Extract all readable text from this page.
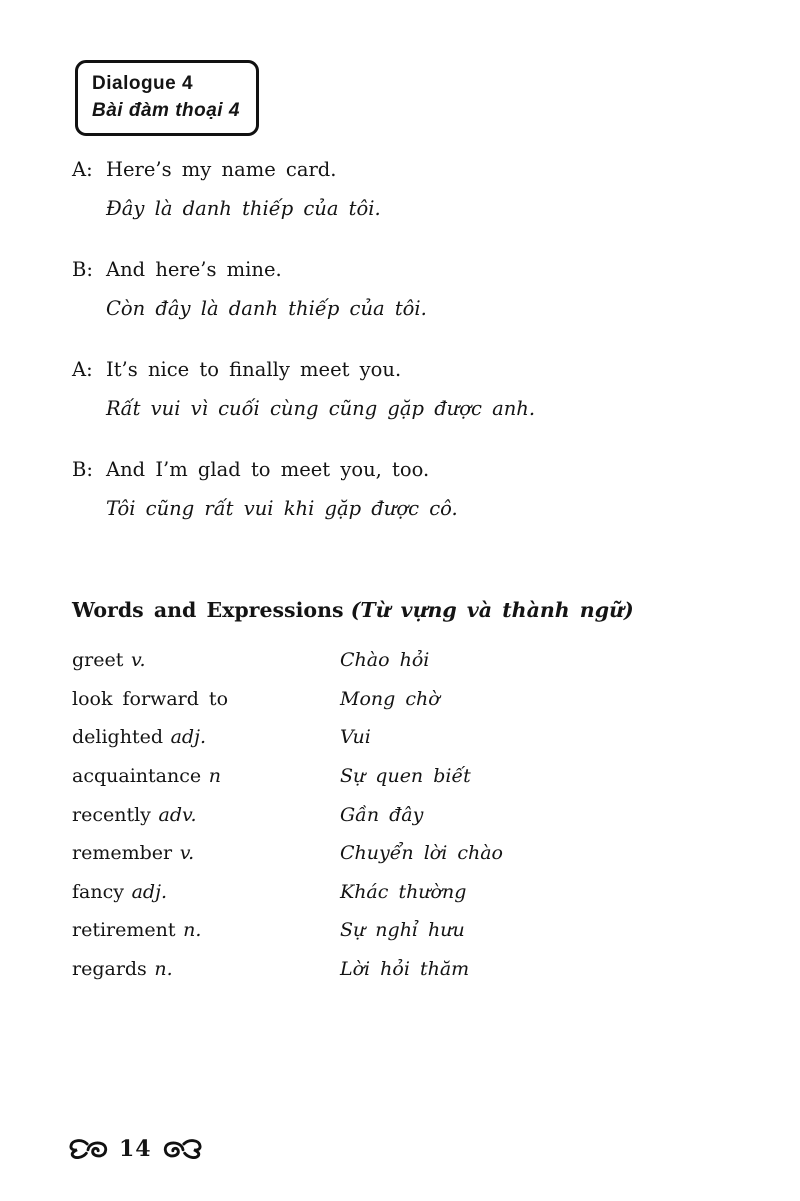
Dialogue 4
Bài đàm thoại 4
A: Here’s my name card.
Đây là danh thiếp của tôi.
B: And here’s mine.
Còn đây là danh thiếp của tôi.
A: It’s nice to finally meet you.
Rất vui vì cuối cùng cũng gặp được anh.
B: And I’m glad to meet you, too.
Tôi cũng rất vui khi gặp được cô.
Words and Expressions (Từ vựng và thành ngữ)
greet v.	Chào hỏi
look forward to	Mong chờ
delighted adj.	Vui
acquaintance n	Sự quen biết
recently adv.	Gần đây
remember v.	Chuyển lời chào
fancy adj.	Khác thường
retirement n.	Sự nghỉ hưu
regards n.	Lời hỏi thăm
14
